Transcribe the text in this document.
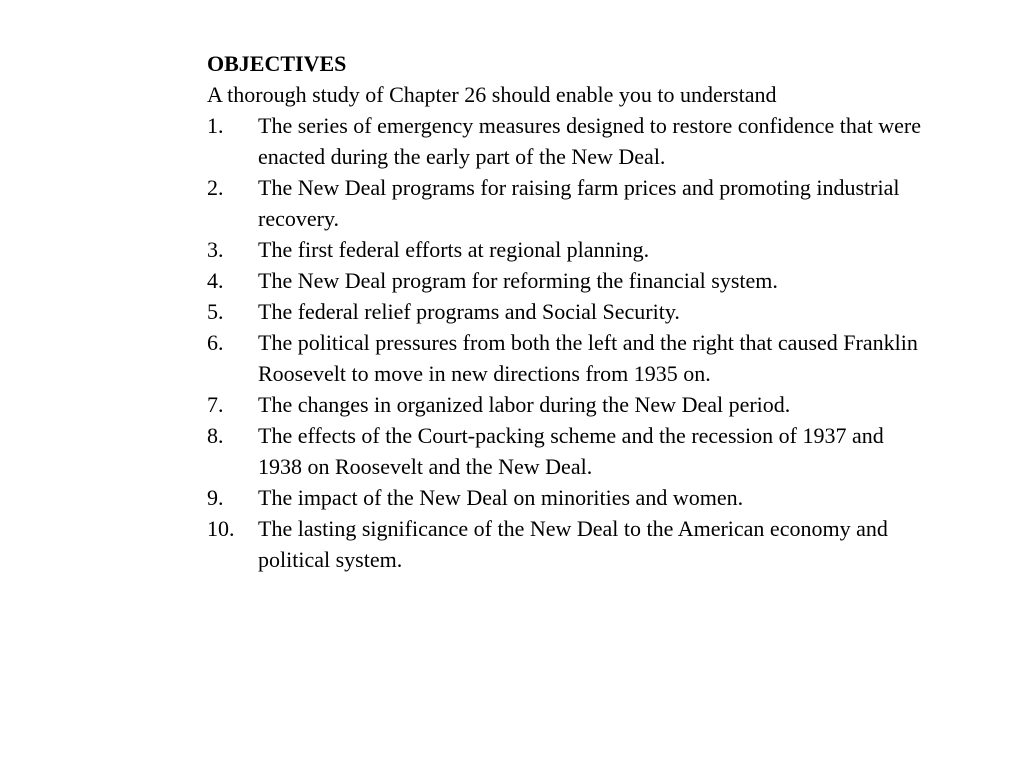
OBJECTIVES

A thorough study of Chapter 26 should enable you to understand

1. The series of emergency measures designed to restore confidence that were enacted during the early part of the New Deal.
2. The New Deal programs for raising farm prices and promoting industrial recovery.
3. The first federal efforts at regional planning.
4. The New Deal program for reforming the financial system.
5. The federal relief programs and Social Security.
6. The political pressures from both the left and the right that caused Franklin Roosevelt to move in new directions from 1935 on.
7. The changes in organized labor during the New Deal period.
8. The effects of the Court-packing scheme and the recession of 1937 and 1938 on Roosevelt and the New Deal.
9. The impact of the New Deal on minorities and women.
10. The lasting significance of the New Deal to the American economy and political system.
